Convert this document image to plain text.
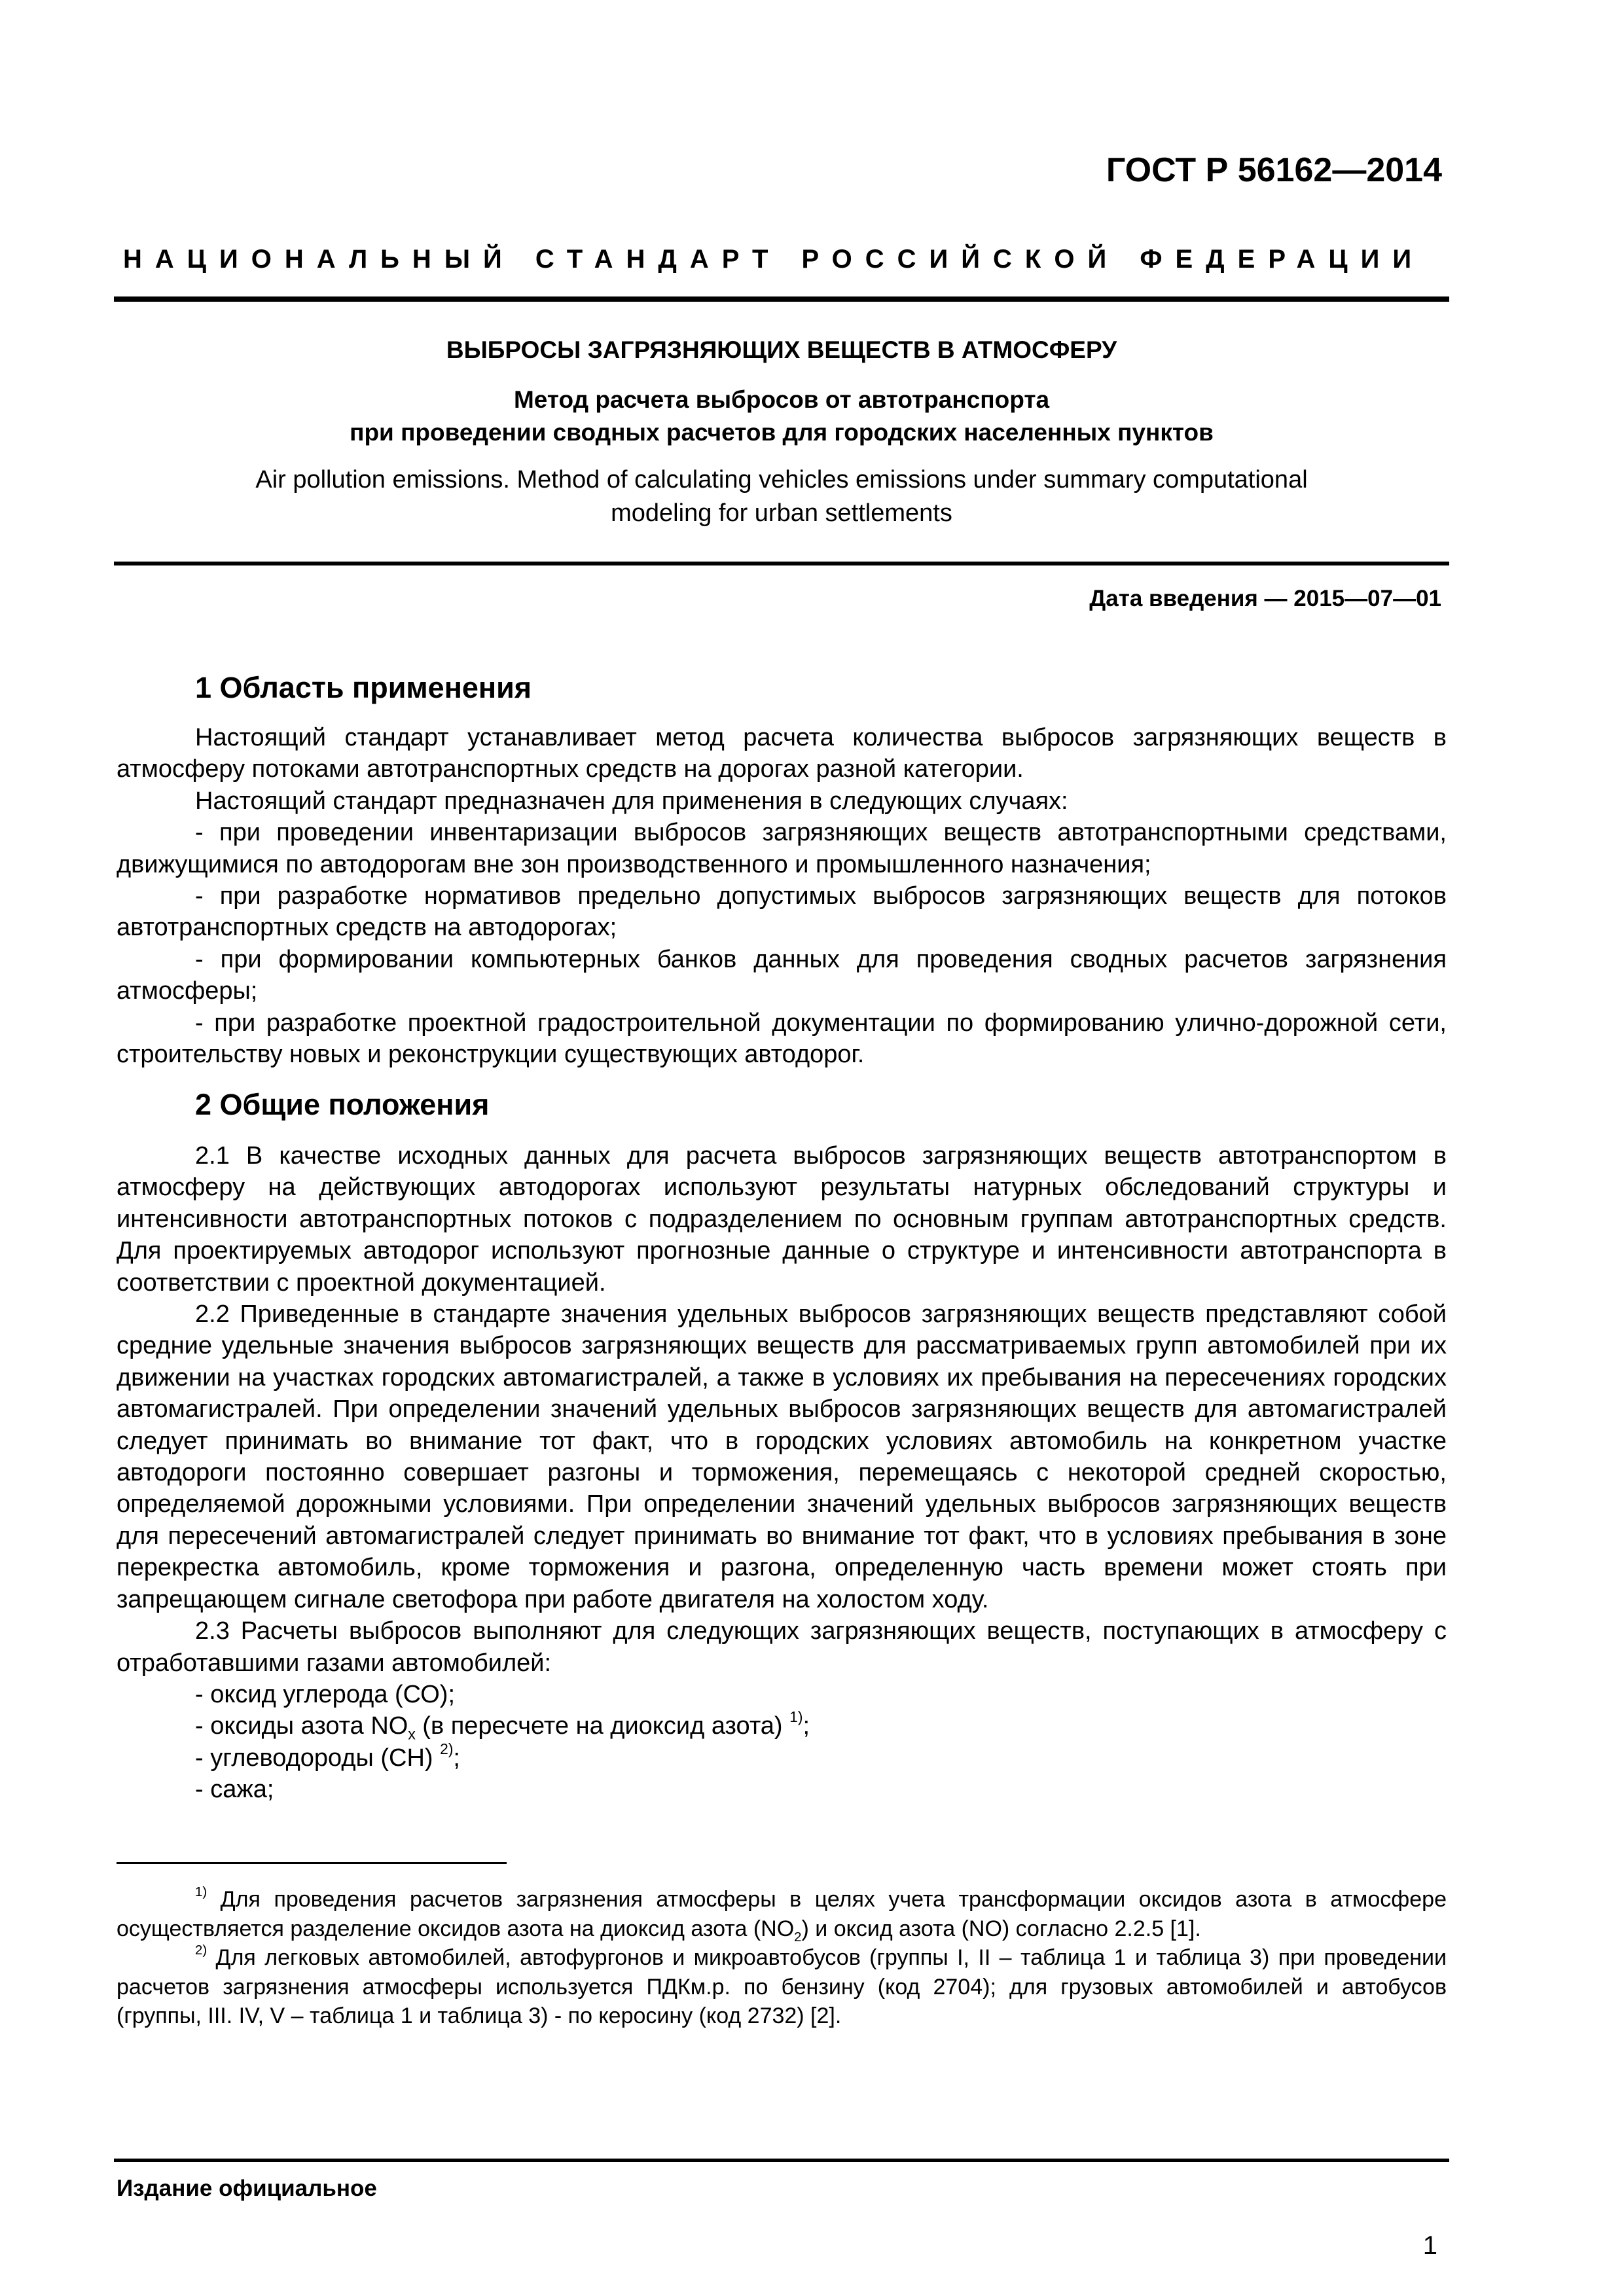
ГОСТ Р 56162—2014
НАЦИОНАЛЬНЫЙ СТАНДАРТ РОССИЙСКОЙ ФЕДЕРАЦИИ
ВЫБРОСЫ ЗАГРЯЗНЯЮЩИХ ВЕЩЕСТВ В АТМОСФЕРУ
Метод расчета выбросов от автотранспорта
при проведении сводных расчетов для городских населенных пунктов
Air pollution emissions. Method of calculating vehicles emissions under summary computational
modeling for urban settlements
Дата введения — 2015—07—01
1 Область применения

Настоящий стандарт устанавливает метод расчета количества выбросов загрязняющих веществ в атмосферу потоками автотранспортных средств на дорогах разной категории.

Настоящий стандарт предназначен для применения в следующих случаях:

- при проведении инвентаризации выбросов загрязняющих веществ автотранспортными средствами, движущимися по автодорогам вне зон производственного и промышленного назначения;

- при разработке нормативов предельно допустимых выбросов загрязняющих веществ для потоков автотранспортных средств на автодорогах;

- при формировании компьютерных банков данных для проведения сводных расчетов загрязнения атмосферы;

- при разработке проектной градостроительной документации по формированию улично-дорожной сети, строительству новых и реконструкции существующих автодорог.

2 Общие положения

2.1 В качестве исходных данных для расчета выбросов загрязняющих веществ автотранспортом в атмосферу на действующих автодорогах используют результаты натурных обследований структуры и интенсивности автотранспортных потоков с подразделением по основным группам автотранспортных средств. Для проектируемых автодорог используют прогнозные данные о структуре и интенсивности автотранспорта в соответствии с проектной документацией.

2.2 Приведенные в стандарте значения удельных выбросов загрязняющих веществ представляют собой средние удельные значения выбросов загрязняющих веществ для рассматриваемых групп автомобилей при их движении на участках городских автомагистралей, а также в условиях их пребывания на пересечениях городских автомагистралей. При определении значений удельных выбросов загрязняющих веществ для автомагистралей следует принимать во внимание тот факт, что в городских условиях автомобиль на конкретном участке автодороги постоянно совершает разгоны и торможения, перемещаясь с некоторой средней скоростью, определяемой дорожными условиями. При определении значений удельных выбросов загрязняющих веществ для пересечений автомагистралей следует принимать во внимание тот факт, что в условиях пребывания в зоне перекрестка автомобиль, кроме торможения и разгона, определенную часть времени может стоять при запрещающем сигнале светофора при работе двигателя на холостом ходу.

2.3 Расчеты выбросов выполняют для следующих загрязняющих веществ, поступающих в атмосферу с отработавшими газами автомобилей:

- оксид углерода (СО);

- оксиды азота $NO_x$ (в пересчете на диоксид азота) $^{1)}$;

- углеводороды (СН) $^{2)}$;

- сажа;

$^{1)}$ Для проведения расчетов загрязнения атмосферы в целях учета трансформации оксидов азота в атмосфере осуществляется разделение оксидов азота на диоксид азота $(NO_2)$ и оксид азота (NO) согласно 2.2.5 [1].

$^{2)}$ Для легковых автомобилей, автофургонов и микроавтобусов (группы I, II – таблица 1 и таблица 3) при проведении расчетов загрязнения атмосферы используется ПДКм.р. по бензину (код 2704); для грузовых автомобилей и автобусов (группы, III. IV, V – таблица 1 и таблица 3) - по керосину (код 2732) [2].

Издание официальное
1
